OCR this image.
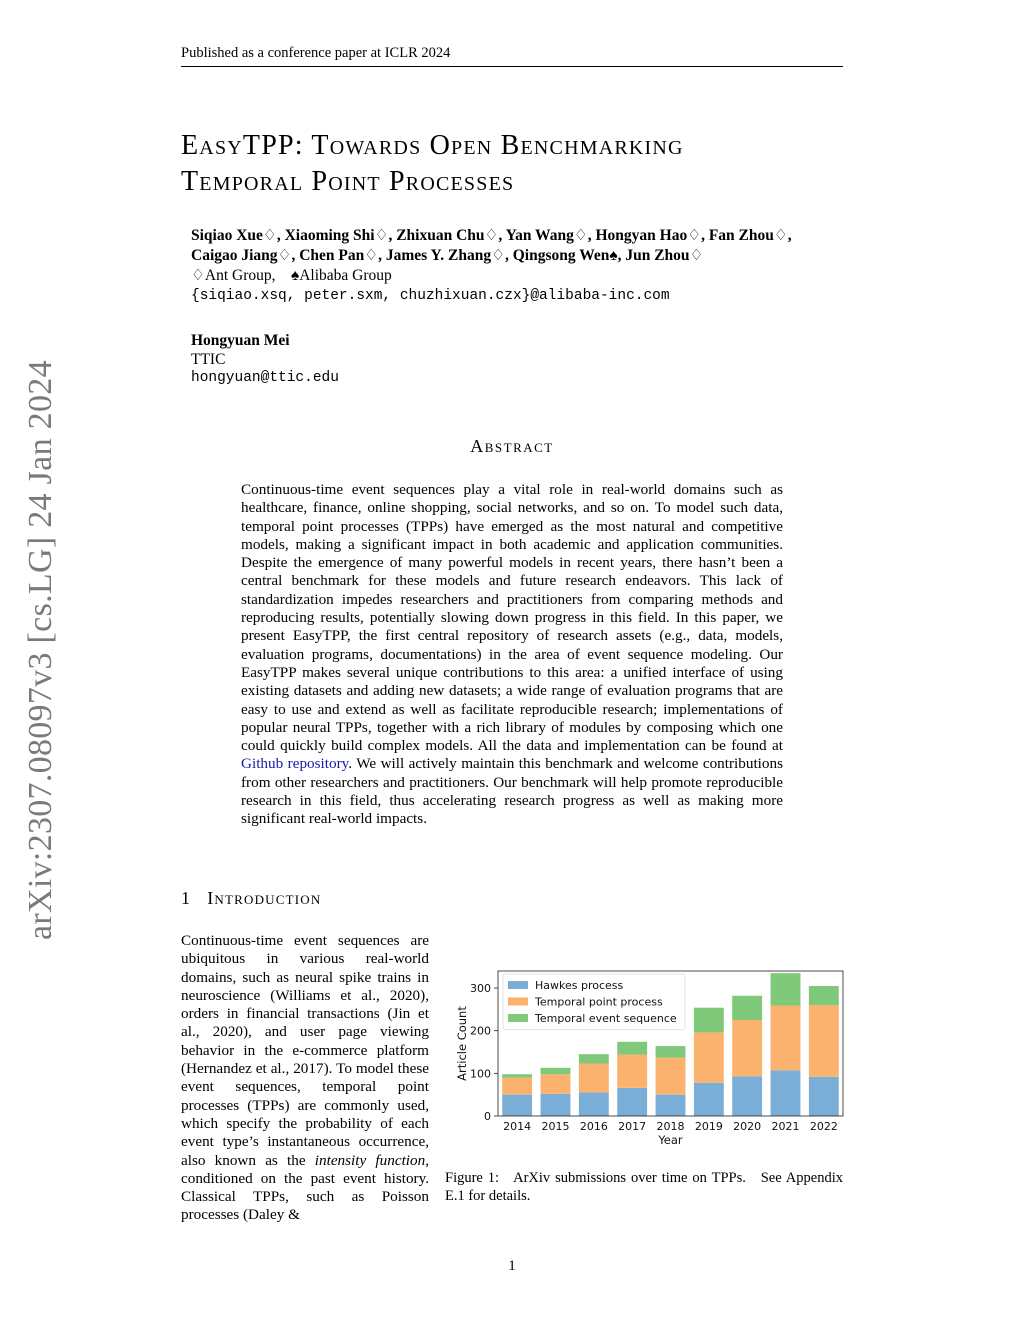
Published as a conference paper at ICLR 2024
arXiv:2307.08097v3 [cs.LG] 24 Jan 2024
EasyTPP: Towards Open Benchmarking
Temporal Point Processes
Siqiao Xue♢, Xiaoming Shi♢, Zhixuan Chu♢, Yan Wang♢, Hongyan Hao♢, Fan Zhou♢,
Caigao Jiang♢, Chen Pan♢, James Y. Zhang♢, Qingsong Wen♠, Jun Zhou♢
♢Ant Group,    ♠Alibaba Group
{siqiao.xsq, peter.sxm, chuzhixuan.czx}@alibaba-inc.com
Hongyuan Mei
TTIC
hongyuan@ttic.edu
Abstract
Continuous-time event sequences play a vital role in real-world domains such as healthcare, finance, online shopping, social networks, and so on. To model such data, temporal point processes (TPPs) have emerged as the most natural and competitive models, making a significant impact in both academic and application communities. Despite the emergence of many powerful models in recent years, there hasn’t been a central benchmark for these models and future research endeavors. This lack of standardization impedes researchers and practitioners from comparing methods and reproducing results, potentially slowing down progress in this field. In this paper, we present EasyTPP, the first central repository of research assets (e.g., data, models, evaluation programs, documentations) in the area of event sequence modeling. Our EasyTPP makes several unique contributions to this area: a unified interface of using existing datasets and adding new datasets; a wide range of evaluation programs that are easy to use and extend as well as facilitate reproducible research; implementations of popular neural TPPs, together with a rich library of modules by composing which one could quickly build complex models. All the data and implementation can be found at Github repository. We will actively maintain this benchmark and welcome contributions from other researchers and practitioners. Our benchmark will help promote reproducible research in this field, thus accelerating research progress as well as making more significant real-world impacts.
1 Introduction
Continuous-time event sequences are ubiquitous in various real-world domains, such as neural spike trains in neuroscience (Williams et al., 2020), orders in financial transactions (Jin et al., 2020), and user page viewing behavior in the e-commerce platform (Hernandez et al., 2017). To model these event sequences, temporal point processes (TPPs) are commonly used, which specify the probability of each event type’s instantaneous occurrence, also known as the intensity function, conditioned on the past event history. Classical TPPs, such as Poisson processes (Daley &
2014 2015 2016 2017 2018 2019 2020 2021 2022
0
100
200
300
Year
Article Count
Hawkes process
Temporal point process
Temporal event sequence
Figure 1:   ArXiv submissions over time on TPPs.   See Appendix E.1 for details.
1
